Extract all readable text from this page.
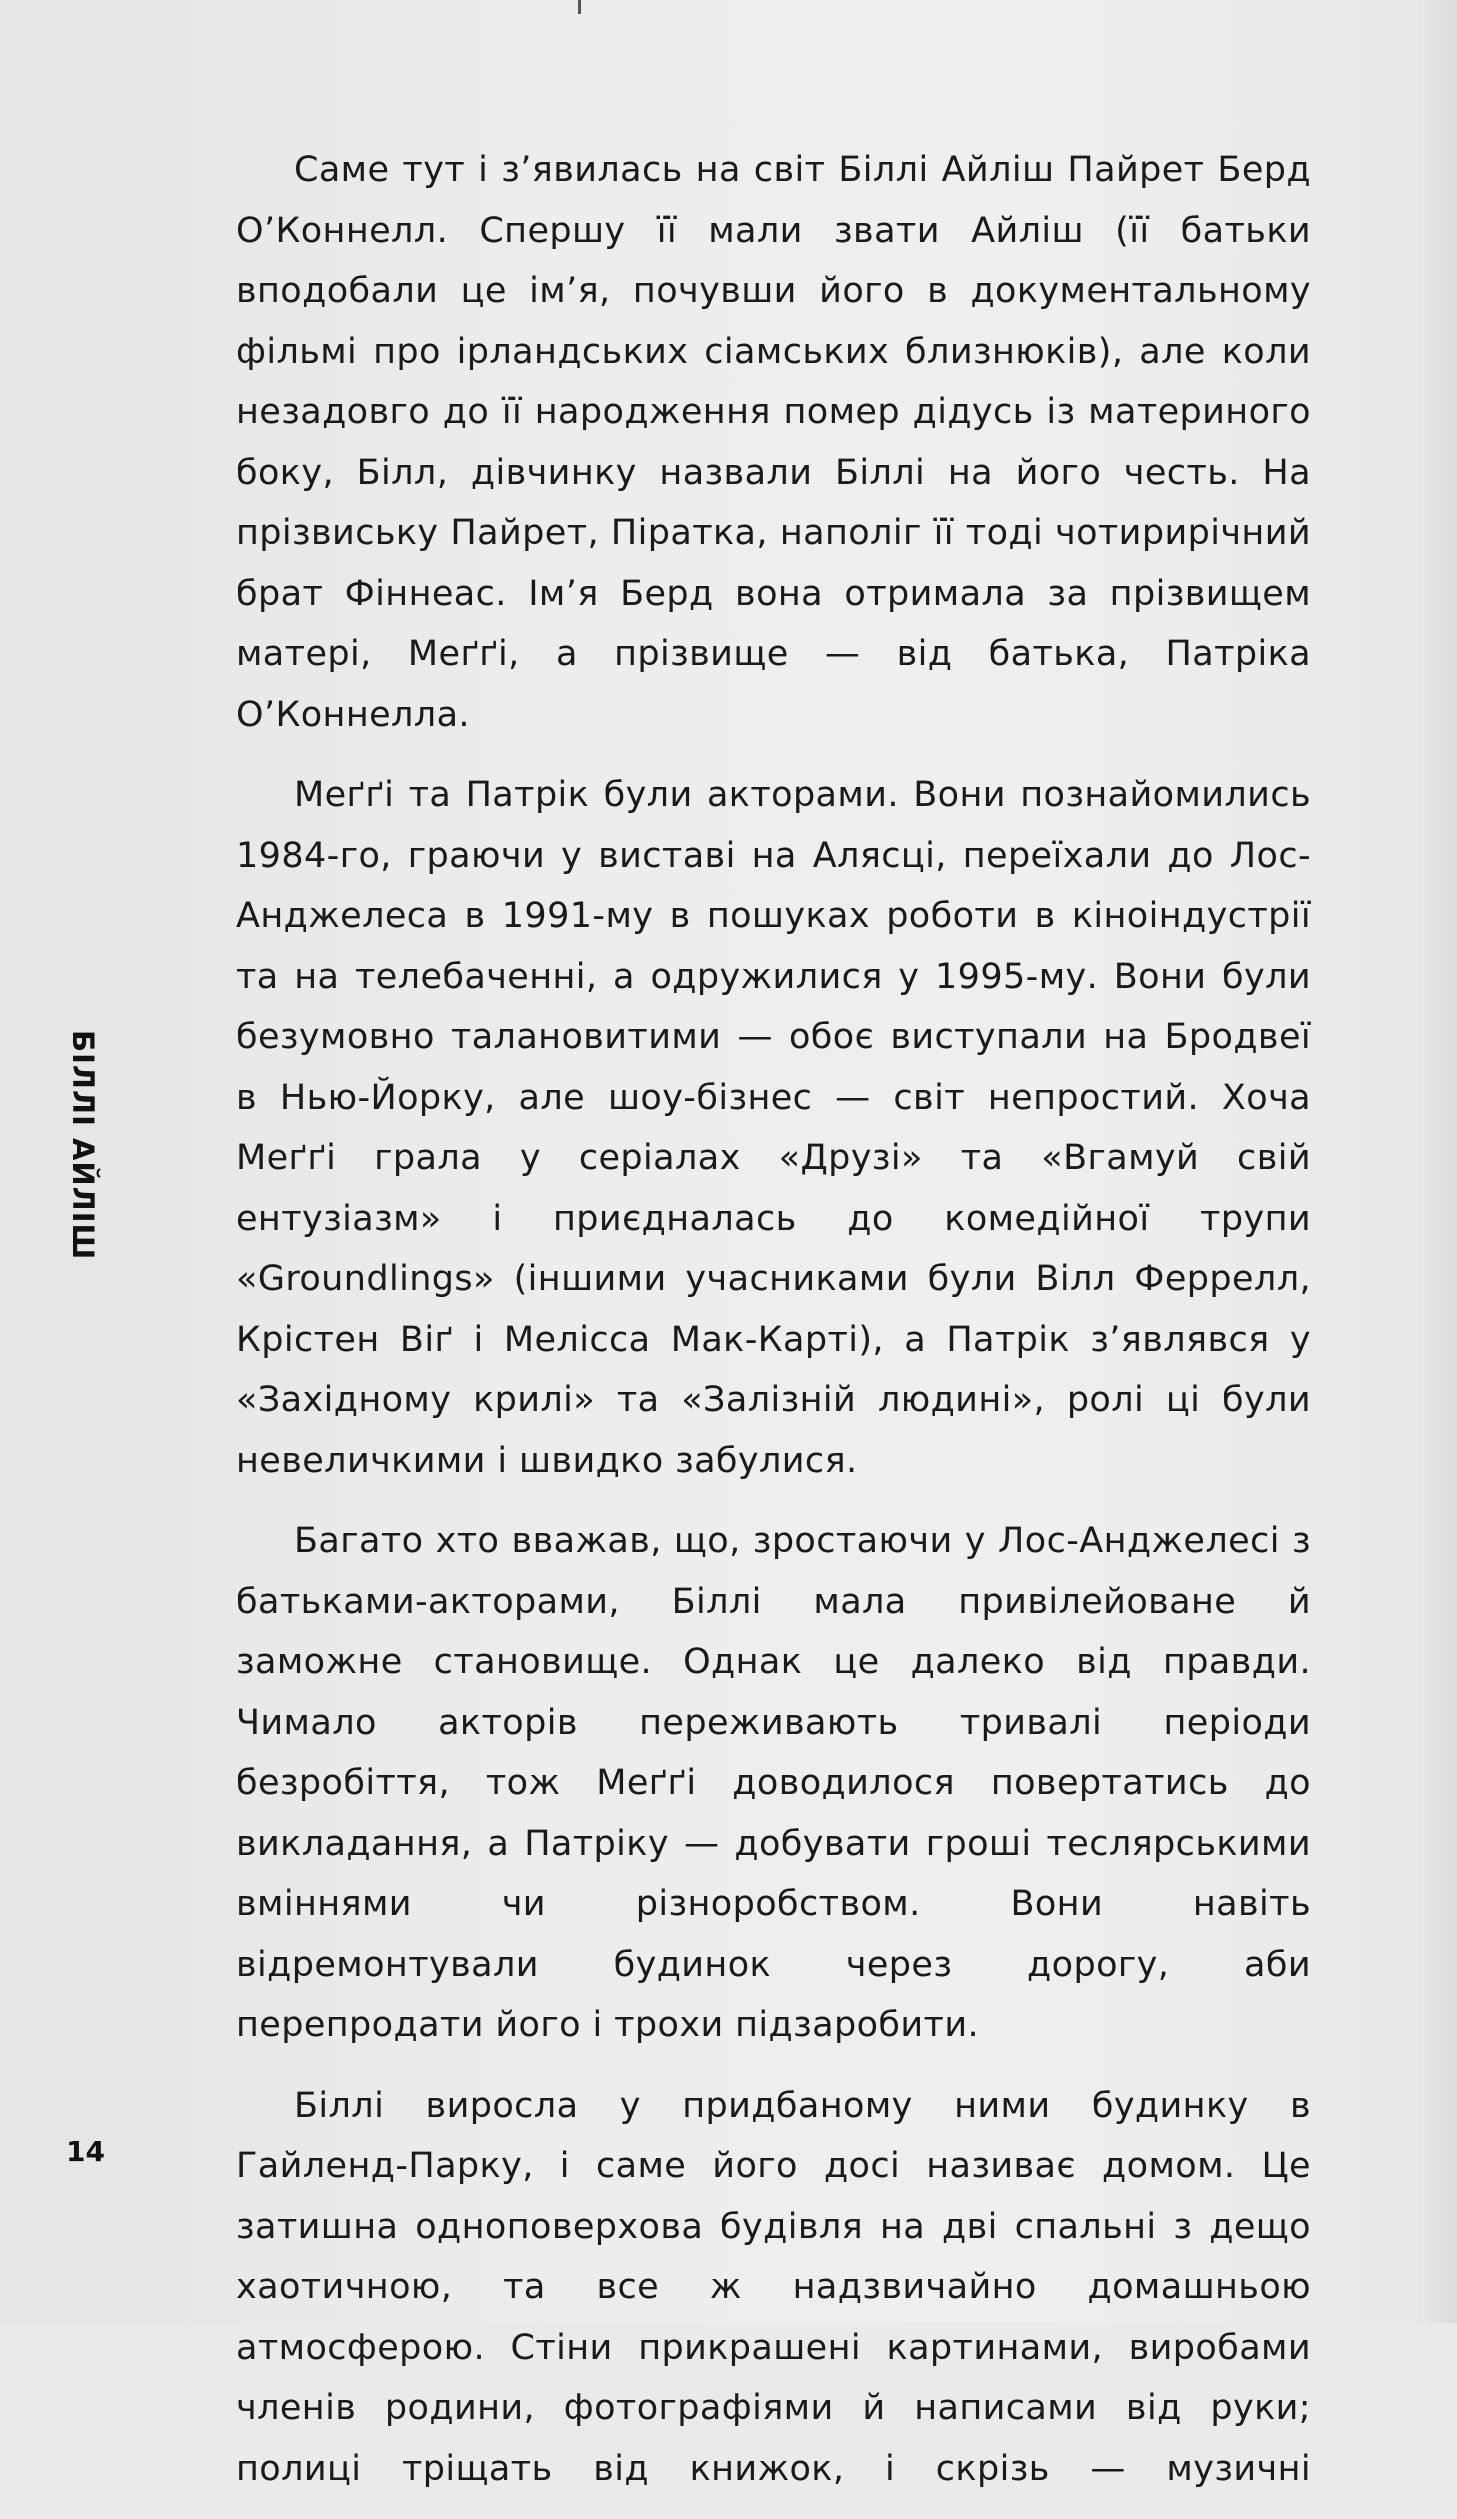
Саме тут і з’явилась на світ Біллі Айліш Пайрет Берд О’Коннелл. Спершу її мали звати Айліш (її батьки вподобали це ім’я, почувши його в документальному фільмі про ірландських сіамських близнюків), але коли незадовго до її народження помер дідусь із материного боку, Білл, дівчинку назвали Біллі на його честь. На прізвиську Пайрет, Піратка, наполіг її тоді чотирирічний брат Фіннеас. Ім’я Берд вона отримала за прізвищем матері, Меґґі, а прізвище — від батька, Патріка О’Коннелла.

Меґґі та Патрік були акторами. Вони познайомились 1984-го, граючи у виставі на Алясці, переїхали до Лос-Анджелеса в 1991-му в пошуках роботи в кіноіндустрії та на телебаченні, а одружилися у 1995-му. Вони були безумовно талановитими — обоє виступали на Бродвеї в Нью-Йорку, але шоу-бізнес — світ непростий. Хоча Меґґі грала у серіалах «Друзі» та «Вгамуй свій ентузіазм» і приєдналась до комедійної трупи «Groundlings» (іншими учасниками були Вілл Феррелл, Крістен Віґ і Мелісса Мак-Карті), а Патрік з’являвся у «Західному крилі» та «Залізній людині», ролі ці були невеличкими і швидко забулися.

Багато хто вважав, що, зростаючи у Лос-Анджелесі з батьками-акторами, Біллі мала привілейоване й заможне становище. Однак це далеко від правди. Чимало акторів переживають тривалі періоди безробіття, тож Меґґі доводилося повертатись до викладання, а Патріку — добувати гроші теслярськими вміннями чи різноробством. Вони навіть відремонтували будинок через дорогу, аби перепродати його і трохи підзаробити.

Біллі виросла у придбаному ними будинку в Гайленд-Парку, і саме його досі називає домом. Це затишна одноповерхова будівля на дві спальні з дещо хаотичною, та все ж надзвичайно домашньою атмосферою. Стіни прикрашені картинами, виробами членів родини, фотографіями й написами від руки; полиці тріщать від книжок, і скрізь — музичні

БІЛЛІ АЙЛІШ
14
